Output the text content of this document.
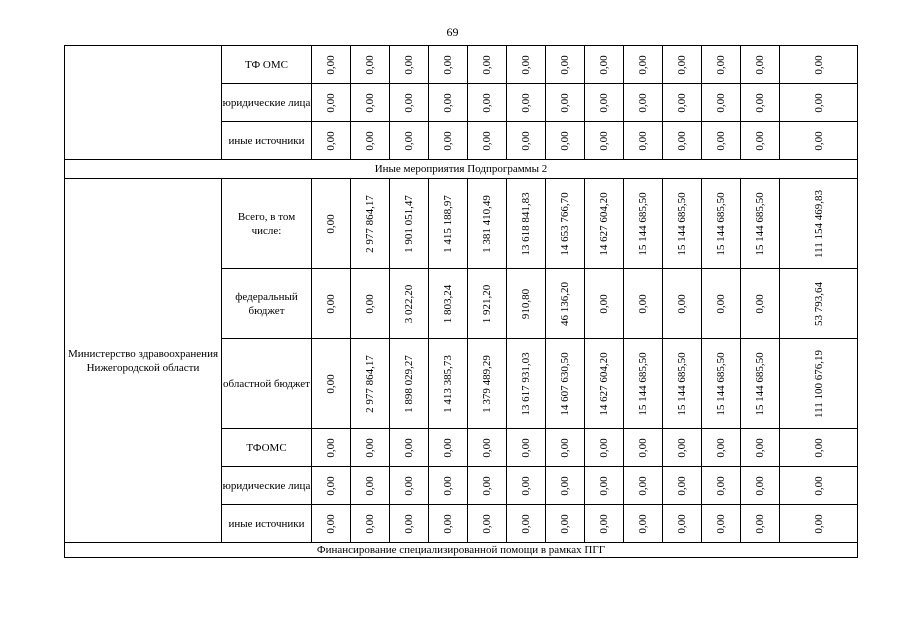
69
	ТФ ОМС	0,00	0,00	0,00	0,00	0,00	0,00	0,00	0,00	0,00	0,00	0,00	0,00	0,00

	юридические лица	0,00	0,00	0,00	0,00	0,00	0,00	0,00	0,00	0,00	0,00	0,00	0,00	0,00

	иные источники	0,00	0,00	0,00	0,00	0,00	0,00	0,00	0,00	0,00	0,00	0,00	0,00	0,00

Иные мероприятия Подпрограммы 2														
Министерство здравоохранения Нижегородской области	Всего, в том числе:	0,00	2 977 864,17	1 901 051,47	1 415 188,97	1 381 410,49	13 618 841,83	14 653 766,70	14 627 604,20	15 144 685,50	15 144 685,50	15 144 685,50	15 144 685,50	111 154 469,83

	федеральный бюджет	0,00	0,00	3 022,20	1 803,24	1 921,20	910,80	46 136,20	0,00	0,00	0,00	0,00	0,00	53 793,64

	областной бюджет	0,00	2 977 864,17	1 898 029,27	1 413 385,73	1 379 489,29	13 617 931,03	14 607 630,50	14 627 604,20	15 144 685,50	15 144 685,50	15 144 685,50	15 144 685,50	111 100 676,19

	ТФОМС	0,00	0,00	0,00	0,00	0,00	0,00	0,00	0,00	0,00	0,00	0,00	0,00	0,00

	юридические лица	0,00	0,00	0,00	0,00	0,00	0,00	0,00	0,00	0,00	0,00	0,00	0,00	0,00

	иные источники	0,00	0,00	0,00	0,00	0,00	0,00	0,00	0,00	0,00	0,00	0,00	0,00	0,00

Финансирование специализированной помощи в рамках ПГГ														
